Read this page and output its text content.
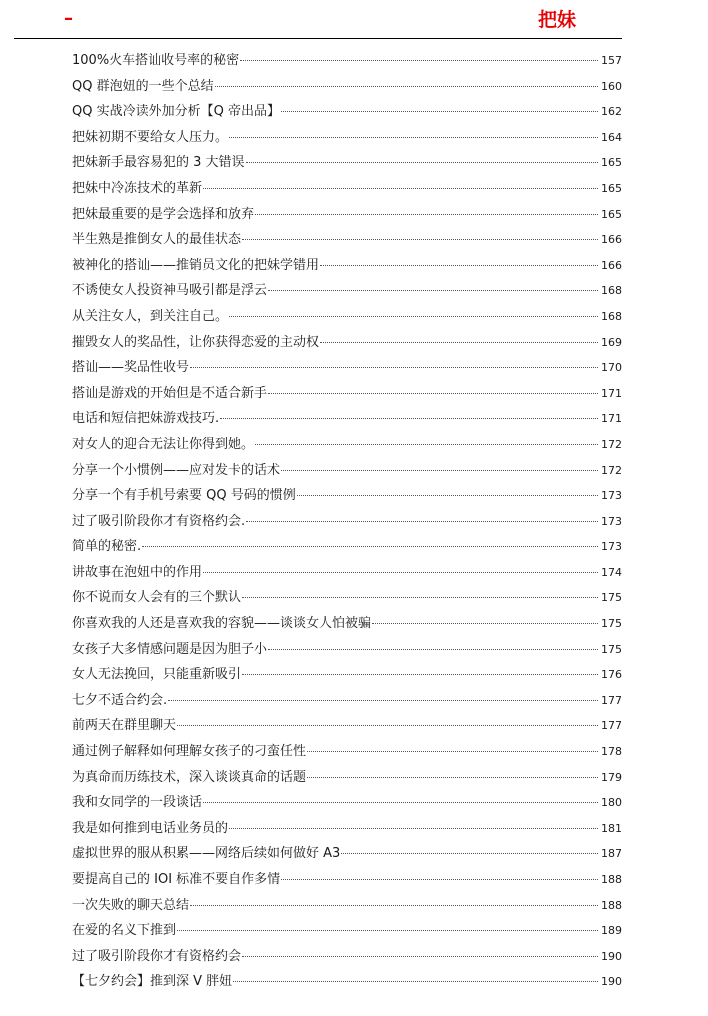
–	把妹
100%火车搭讪收号率的秘密	157
QQ 群泡妞的一些个总结	160
QQ 实战冷读外加分析【Q 帝出品】	162
把妹初期不要给女人压力。	164
把妹新手最容易犯的 3 大错误	165
把妹中冷冻技术的革新	165
把妹最重要的是学会选择和放弃	165
半生熟是推倒女人的最佳状态	166
被神化的搭讪——推销员文化的把妹学错用	166
不诱使女人投资神马吸引都是浮云	168
从关注女人，到关注自己。	168
摧毁女人的奖品性，让你获得恋爱的主动权	169
搭讪——奖品性收号	170
搭讪是游戏的开始但是不适合新手	171
电话和短信把妹游戏技巧.	171
对女人的迎合无法让你得到她。	172
分享一个小惯例——应对发卡的话术	172
分享一个有手机号索要 QQ 号码的惯例	173
过了吸引阶段你才有资格约会.	173
简单的秘密.	173
讲故事在泡妞中的作用	174
你不说而女人会有的三个默认	175
你喜欢我的人还是喜欢我的容貌——谈谈女人怕被骗	175
女孩子大多情感问题是因为胆子小	175
女人无法挽回，只能重新吸引	176
七夕不适合约会.	177
前两天在群里聊天	177
通过例子解释如何理解女孩子的刁蛮任性	178
为真命而历练技术，深入谈谈真命的话题	179
我和女同学的一段谈话	180
我是如何推到电话业务员的	181
虚拟世界的服从积累——网络后续如何做好 A3	187
要提高自己的 IOI 标准不要自作多情	188
一次失败的聊天总结	188
在爱的名义下推到	189
过了吸引阶段你才有资格约会	190
【七夕约会】推到深 V 胖妞	190
